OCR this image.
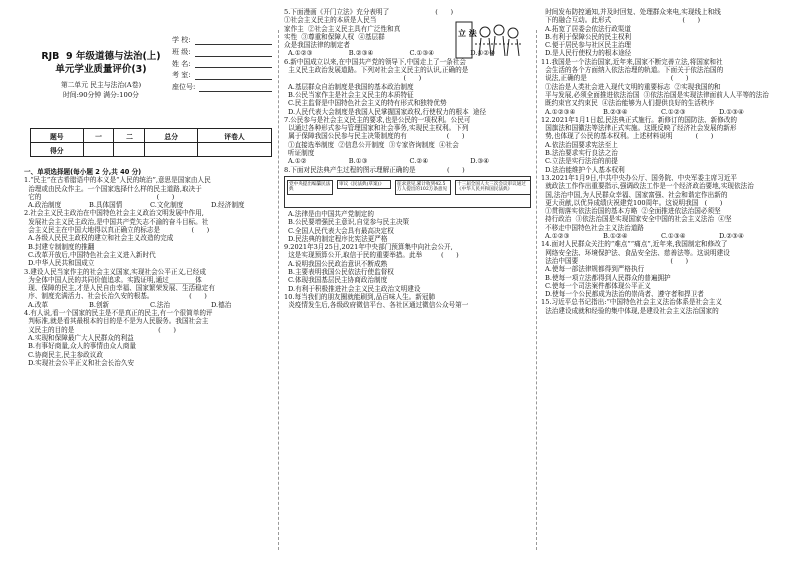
RJB 9 年级道德与法治(上)
单元学业质量评价(3)
第二单元 民主与法治(A卷)
时间:90分钟 满分:100分
学 校:
班 级:
姓 名:
考 室:
座位号:
题号	一	二	总分	评卷人
得分				
一、单项选择题(每小题 2 分,共 40 分)

1.“民主”在古希腊语中的本义是“人民的统治”,意思是国家由人民

治理或由民众作主。一个国家选择什么样的民主道路,取决于

它的                                                       (      )

A.政治制度	B.具体国情	C.文化制度	D.经济制度

2.社会主义民主政治在中国特色社会主义政治文明发展中作用,

发展社会主义民主政治,是中国共产党矢志不渝的奋斗目标。社

会主义民主在中国大地得以真正确立的标志是               (      )

A.各级人民民主政权的建立和社会主义改造的完成
B.封建专制制度的推翻
C.改革开放后,中国特色社会主义进入新时代
D.中华人民共和国成立

3.建设人民当家作主的社会主义国家,实现社会公平正义,已经成

为全体中国人民的共同价值追求。实践证明,通过________体

现、保障的民主,才是人民自由幸福、国家繁荣发展、生活稳定有

序、制度充满活力、社会长治久安的根基。                 (      )

A.改革	B.创新	C.法治	D.德治

4.有人说,看一个国家的民主是不是真正的民主,有一个很简单的评

判标准,就是看其最根本的目的是不是为人民服务。我国社会主

义民主的目的是                                        (      )

A.实现和保障最广大人民群众的利益
B.有事好商量,众人的事情由众人商量
C.协商民主,民主参政议政
D.实现社会公平正义和社会长治久安

5.下面漫画《开门立法》充分表明了                      (      )

①社会主义民主的本质是人民当

家作主  ②社会主义民主具有广泛性和真

实性  ③尊重和保障人权  ④基层群

众是我国法律的制定者

A.①②③	B.②③④	C.①③④	D.①②④

6.新中国成立以来,在中国共产党的领导下,中国走上了一条社会

主义民主政治发展道路。下列对社会主义民主的认识,正确的是

(      )

A.基层群众自治制度是我国的基本政治制度
B.公民当家作主是社会主义民主的本质特征
C.民主监督是中国特色社会主义的特有形式和独特优势
D.人民代表大会制度是我国人民掌握国家政权,行使权力的根本 途径

7.公民参与是社会主义民主的要求,也是公民的一项权利。公民可

以通过各种形式参与管理国家和社会事务,实现民主权利。下列

属于保障我国公民参与民主决策制度的有                   (      )

①直接选举制度  ②信息公开制度  ③专家咨询制度  ④社会
听证制度
A.①②	B.①③	C.②④	D.③④

8.下面对民法典产生过程的图示理解正确的是               (      )

党中央提出编纂民法典
审议《民法典(草案)》	征求意见,累计收到42.5万人提出的102万条意见
十三届全国人大三次会议审议通过《中华人民共和国民法典》
A.法律是由中国共产党制定的
B.公民要增强民主意识,自觉参与民主决策
C.全国人民代表大会具有最高决定权
D.民法典的制定程序比宪法更严格

9.2021年3月25日,2021年中央部门预算集中向社会公开,

这是实现预算公开,取信于民的重要举措。此举         (      )

A.说明我国公民政治意识不断成熟
B.主要表明我国公民依法行使监督权
C.体现我国基层民主协商政治制度
D.有利于积极推进社会主义民主政治文明建设

10.每当我们的朋友圈就能刷到,品百味人生。新冠肺

炎疫情发生后,各级政府微信平台、各社区通过微信公众号第一

立 法

时间发布防控通知,并及时回复、处理群众来电,实现线上和线

下的融合互动。此形式                                  (      )

A.拓宽了居委会依法行政渠道
B.有利于保障公民的民主权利
C.便于居民参与社区民主治理
D.是人民行使权力的根本途径

11.我国是一个法治国家,近年来,国家不断完善立法,将国家和社

会生活的各个方面纳入依法治理的轨道。下面关于依法治国的

说法,正确的是                                        (      )

①法治是人类社会进入现代文明的重要标志  ②实现我国的和
平与发展,必须全面推进依法治国  ③依法治国是实现法律面前人人平等的法治
既约束官又约束民  ④法治能够为人们提供良好的生活秩序
A.①②③④	B.②③④	C.①②③	D.①③④

12.2021年1月1日起,民法典正式施行。新修订的国防法、新修改的

国旗法和国徽法等法律正式实施。这既反映了经济社会发展的新形

势,也体现了公民的基本权利。上述材料说明           (      )

A.依法治国要求宪法至上
B.法治要求实行良法之治
C.立法是实行法治的前提
D.法治能维护个人基本权利

13.2021年1月9日,中共中央办公厅、国务院、中央军委主席习近平

就政法工作作出重要指示,强调政法工作是一个经济政治要地,实现依法治

国,法治中国,为人民群众幸福、国家富强、社会和谐定作出新的

更大贡献,以优异成绩庆祝建党100周年。这说明我国   (      )

①贯彻落实依法治国的基本方略  ②全面推进依法治国必须坚
持行政治  ③依法治国是实现国家安全中国的社会主义法治  ④坚
不移走中国特色社会主义法治道路
A.①②③	B.①②④	C.①③④	D.②③④

14.面对人民群众关注的“难点”“痛点”,近年来,我国制定和修改了

网络安全法、环境保护法、食品安全法、慈善法等。这说明建设

法治中国要                                            (      )

A.使每一部法律规都得到严格执行
B.使每一项立法都得到人民群众的普遍拥护
C.使每一个司法案件都体现公平正义
D.使每一个公民都成为法治的崇尚者、遵守者和捍卫者

15.习近平总书记指出:“中国特色社会主义法治体系是社会主义

法治建设成就和经验的集中体现,是建设社会主义法治国家的
